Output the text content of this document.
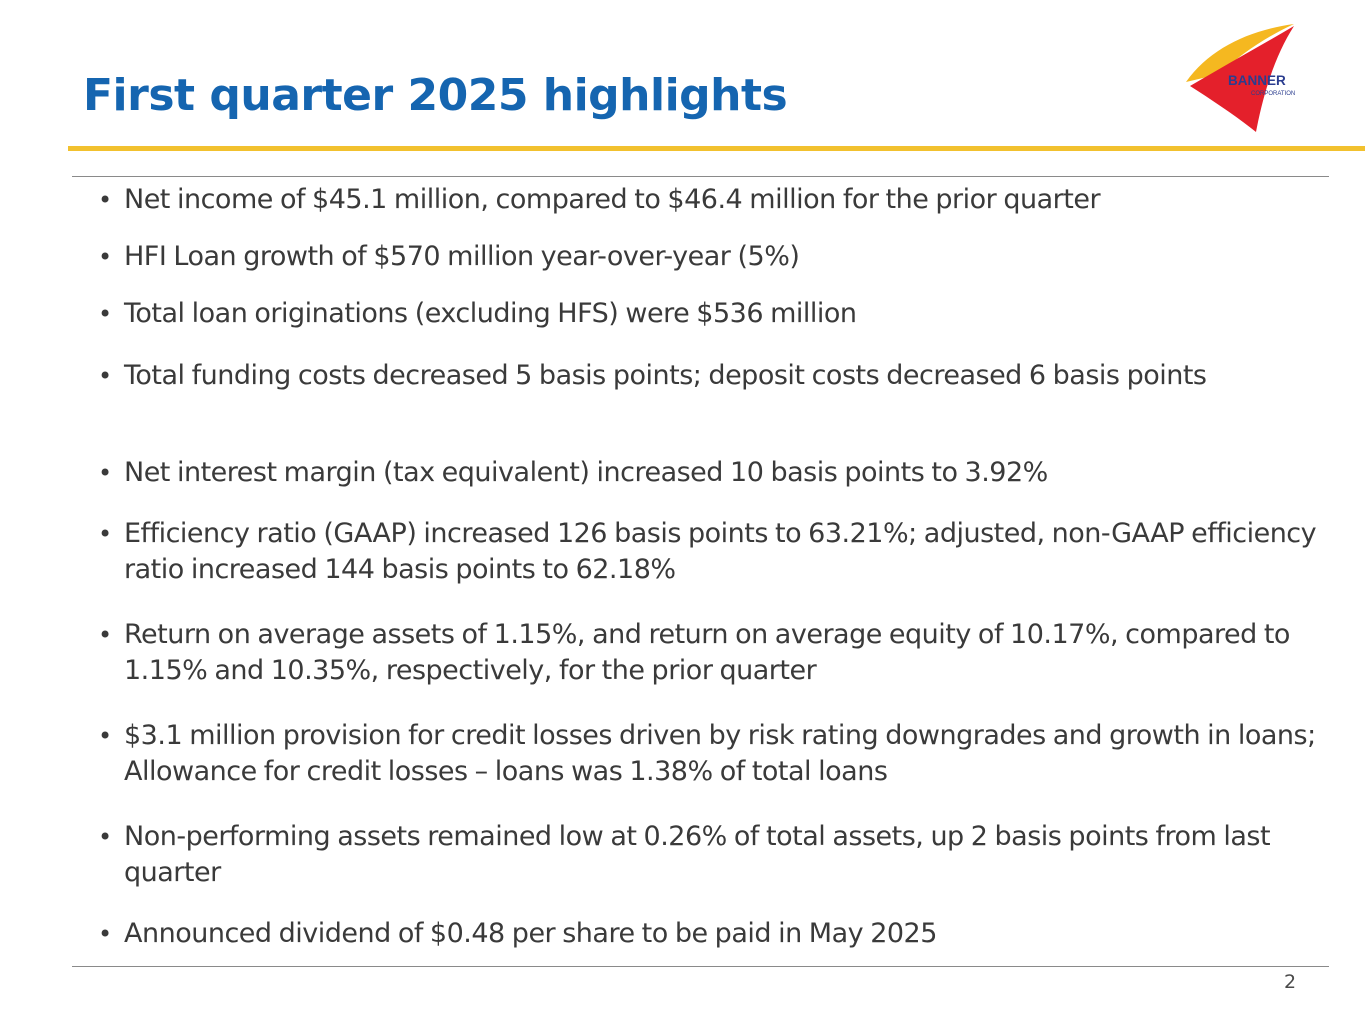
First quarter 2025 highlights	BANNER
CORPORATION
• Net income of $45.1 million, compared to $46.4 million for the prior quarter
• HFI Loan growth of $570 million year-over-year (5%)
• Total loan originations (excluding HFS) were $536 million
• Total funding costs decreased 5 basis points; deposit costs decreased 6 basis points
• Net interest margin (tax equivalent) increased 10 basis points to 3.92%
• Efficiency ratio (GAAP) increased 126 basis points to 63.21%; adjusted, non-GAAP efficiency ratio increased 144 basis points to 62.18%
• Return on average assets of 1.15%, and return on average equity of 10.17%, compared to 1.15% and 10.35%, respectively, for the prior quarter
• $3.1 million provision for credit losses driven by risk rating downgrades and growth in loans; Allowance for credit losses – loans was 1.38% of total loans
• Non-performing assets remained low at 0.26% of total assets, up 2 basis points from last quarter
• Announced dividend of $0.48 per share to be paid in May 2025
2
